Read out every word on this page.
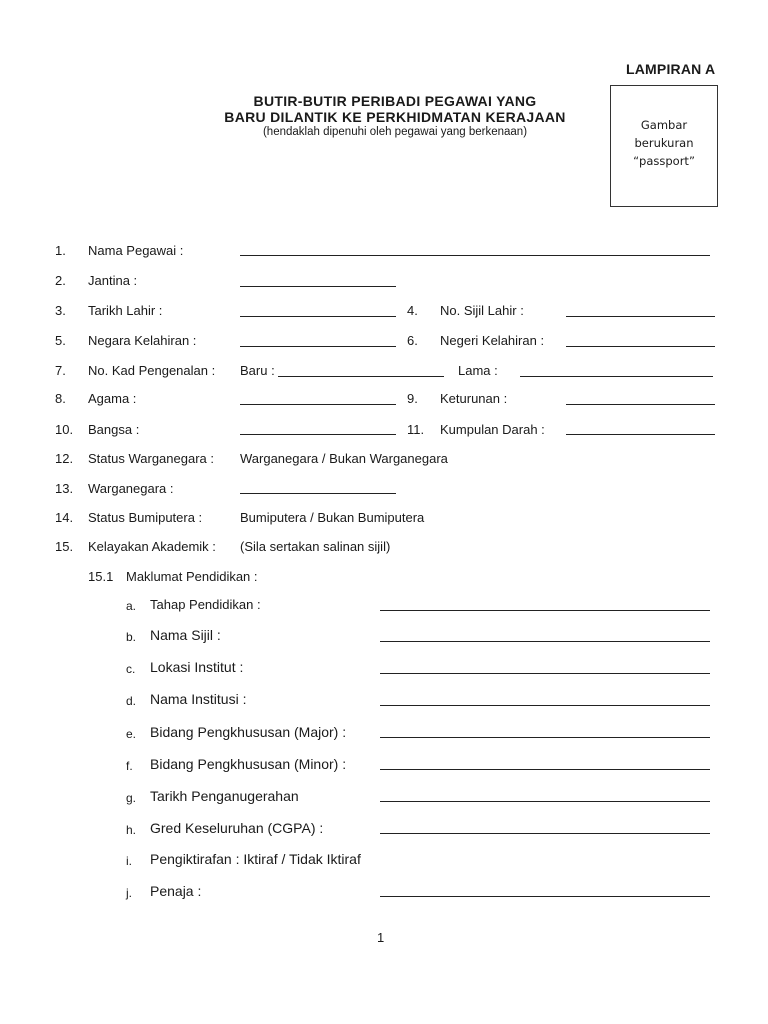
LAMPIRAN A
BUTIR-BUTIR PERIBADI PEGAWAI YANG
BARU DILANTIK KE PERKHIDMATAN KERAJAAN
(hendaklah dipenuhi oleh pegawai yang berkenaan)	Gambar
berukuran
“passport”
1. Nama Pegawai :
2. Jantina :
3. Tarikh Lahir :	4. No. Sijil Lahir :
5. Negara Kelahiran :	6. Negeri Kelahiran :
7. No. Kad Pengenalan : Baru :	Lama :
8. Agama :	9. Keturunan :
10. Bangsa :	11. Kumpulan Darah :
12. Status Warganegara : Warganegara / Bukan Warganegara
13. Warganegara :
14. Status Bumiputera :	Bumiputera / Bukan Bumiputera
15. Kelayakan Akademik : (Sila sertakan salinan sijil)
15.1 Maklumat Pendidikan :
a. Tahap Pendidikan :
b. Nama Sijil :
c. Lokasi Institut :
d. Nama Institusi :
e. Bidang Pengkhususan (Major) :
f. Bidang Pengkhususan (Minor) :
g. Tarikh Penganugerahan
h. Gred Keseluruhan (CGPA) :
i. Pengiktirafan : Iktiraf / Tidak Iktiraf
j. Penaja :
1
